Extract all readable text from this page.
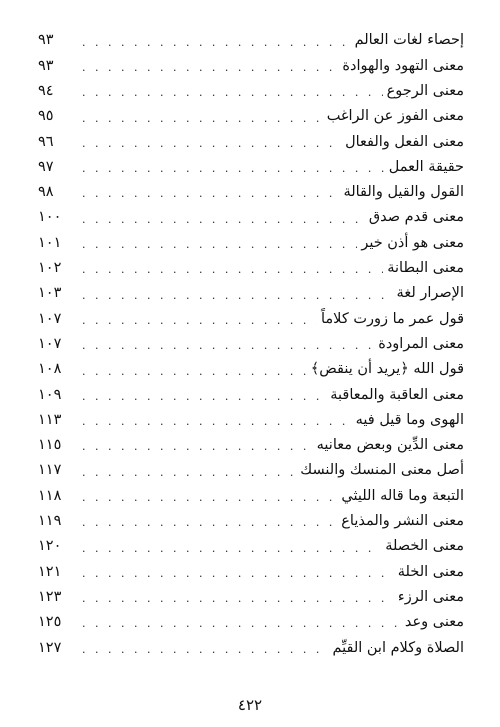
إحصاء لغات العالم
. . .
٩٣
معنى التهود والهوادة
. . .
٩٣
معنى الرجوع
. . .
٩٤
معنى الفوز عن الراغب
. . .
٩٥
معنى الفعل والفعال
. . .
٩٦
حقيقة العمل
. . .
٩٧
القول والقيل والقالة
. . .
٩٨
معنى قدم صدق
. . .
١٠٠
معنى هو أذن خير
. . .
١٠١
معنى البطانة
. . .
١٠٢
الإصرار لغة
. . .
١٠٣
قول عمر ما زورت كلاماً
. . .
١٠٧
معنى المراودة
. . .
١٠٧
قول الله ﴿يريد أن ينقض﴾
. . .
١٠٨
معنى العاقبة والمعاقبة
. . .
١٠٩
الهوى وما قيل فيه
. . .
١١٣
معنى الدِّين وبعض معانيه
. . .
١١٥
أصل معنى المنسك والنسك
. . .
١١٧
التبعة وما قاله الليثي
. . .
١١٨
معنى النشر والمذياع
. . .
١١٩
معنى الخصلة
. . .
١٢٠
معنى الخلة
. . .
١٢١
معنى الرزء
. . .
١٢٣
معنى وعد
. . .
١٢٥
الصلاة وكلام ابن القيِّم
. . .
١٢٧
٤٢٢
